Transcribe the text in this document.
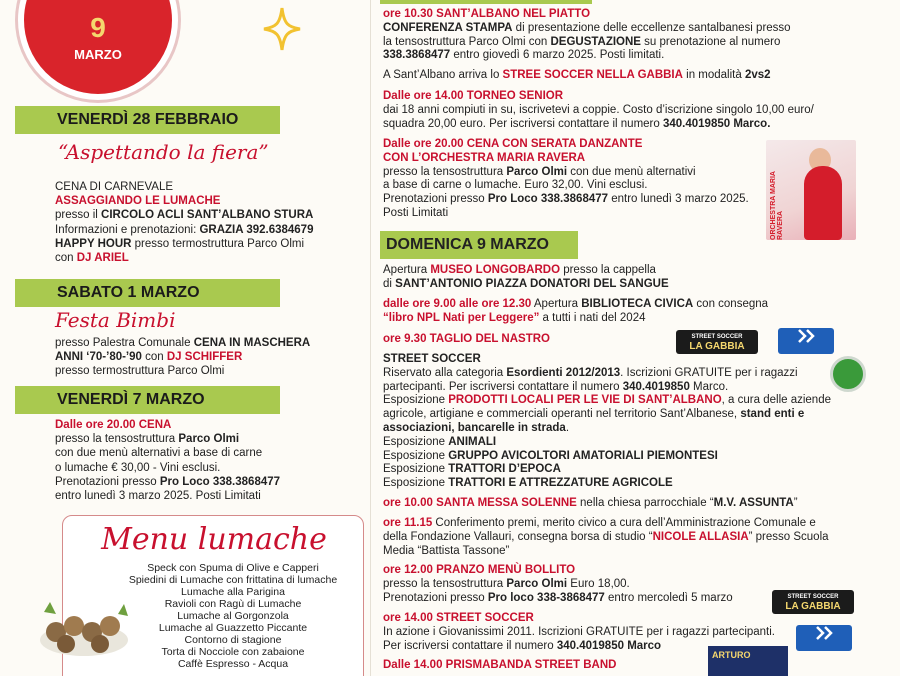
9
MARZO
VENERDÌ 28 FEBBRAIO
“Aspettando la fiera”
CENA DI CARNEVALE
ASSAGGIANDO LE LUMACHE
presso il CIRCOLO ACLI SANT’ALBANO STURA
Informazioni e prenotazioni: GRAZIA 392.6384679
HAPPY HOUR presso termostruttura Parco Olmi
con DJ ARIEL
SABATO 1 MARZO
Festa Bimbi
presso Palestra Comunale CENA IN MASCHERA
ANNI ‘70-’80-’90 con DJ SCHIFFER
presso termostruttura Parco Olmi
VENERDÌ 7 MARZO
Dalle ore 20.00 CENA
presso la tensostruttura Parco Olmi
con due menù alternativi a base di carne
o lumache € 30,00 - Vini esclusi.
Prenotazioni presso Pro Loco 338.3868477
entro lunedì 3 marzo 2025. Posti Limitati
Menu lumache
Speck con Spuma di Olive e Capperi
Spiedini di Lumache con frittatina di lumache
Lumache alla Parigina
Ravioli con Ragù di Lumache
Lumache al Gorgonzola
Lumache al Guazzetto Piccante
Contorno di stagione
Torta di Nocciole con zabaione
Caffè Espresso - Acqua
ore 10.30 SANT’ALBANO NEL PIATTO
CONFERENZA STAMPA di presentazione delle eccellenze santalbanesi presso
la tensostruttura Parco Olmi con DEGUSTAZIONE su prenotazione al numero
338.3868477 entro giovedì 6 marzo 2025. Posti limitati.
A Sant’Albano arriva lo STREE SOCCER NELLA GABBIA in modalità 2vs2
Dalle ore 14.00 TORNEO SENIOR
dai 18 anni compiuti in su, iscrivetevi a coppie. Costo d’iscrizione singolo 10,00 euro/
squadra 20,00 euro. Per iscriversi contattare il numero 340.4019850 Marco.
Dalle ore 20.00 CENA CON SERATA DANZANTE
CON L’ORCHESTRA MARIA RAVERA
presso la tensostruttura Parco Olmi con due menù alternativi
a base di carne o lumache. Euro 32,00. Vini esclusi.
Prenotazioni presso Pro Loco 338.3868477 entro lunedì 3 marzo 2025.
Posti Limitati	ORCHESTRA MARIA RAVERA
DOMENICA 9 MARZO
Apertura MUSEO LONGOBARDO presso la cappella
di SANT’ANTONIO PIAZZA DONATORI DEL SANGUE
dalle ore 9.00 alle ore 12.30 Apertura BIBLIOTECA CIVICA con consegna
“libro NPL Nati per Leggere” a tutti i nati del 2024
ore 9.30 TAGLIO DEL NASTRO
STREET SOCCER
Riservato alla categoria Esordienti 2012/2013. Iscrizioni GRATUITE per i ragazzi
partecipanti. Per iscriversi contattare il numero 340.4019850 Marco.
Esposizione PRODOTTI LOCALI PER LE VIE DI SANT’ALBANO, a cura delle aziende
agricole, artigiane e commerciali operanti nel territorio Sant’Albanese, stand enti e
associazioni, bancarelle in strada.
Esposizione ANIMALI
Esposizione GRUPPO AVICOLTORI AMATORIALI PIEMONTESI
Esposizione TRATTORI D’EPOCA
Esposizione TRATTORI E ATTREZZATURE AGRICOLE
ore 10.00 SANTA MESSA SOLENNE nella chiesa parrocchiale “M.V. ASSUNTA”
ore 11.15 Conferimento premi, merito civico a cura dell’Amministrazione Comunale e
della Fondazione Vallauri, consegna borsa di studio “NICOLE ALLASIA” presso Scuola
Media “Battista Tassone”
ore 12.00 PRANZO MENÙ BOLLITO
presso la tensostruttura Parco Olmi Euro 18,00.
Prenotazioni presso Pro loco 338-3868477 entro mercoledì 5 marzo
ore 14.00 STREET SOCCER
In azione i Giovanissimi 2011. Iscrizioni GRATUITE per i ragazzi partecipanti.
Per iscriversi contattare il numero 340.4019850 Marco
Dalle 14.00 PRISMABANDA STREET BAND
STREET SOCCER
LA GABBIA
STREET SOCCER
LA GABBIA
ARTURO
